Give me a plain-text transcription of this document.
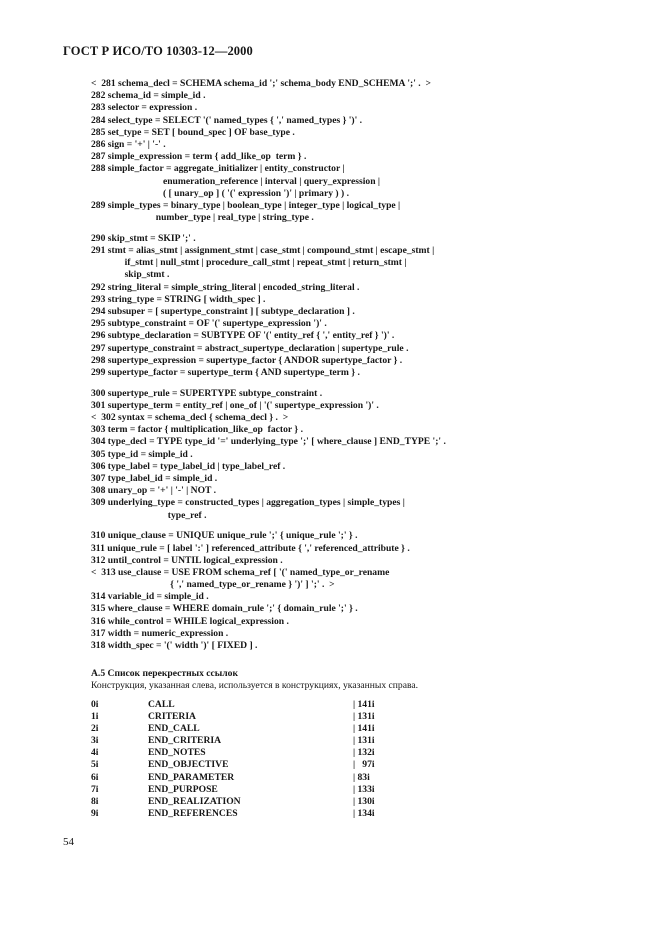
ГОСТ Р ИСО/ТО 10303-12—2000
<  281 schema_decl = SCHEMA schema_id ';' schema_body END_SCHEMA ';' .  >
282 schema_id = simple_id .
283 selector = expression .
284 select_type = SELECT '(' named_types { ',' named_types } ')' .
285 set_type = SET [ bound_spec ] OF base_type .
286 sign = '+' | '-' .
287 simple_expression = term { add_like_op  term } .
288 simple_factor = aggregate_initializer | entity_constructor |
enumeration_reference | interval | query_expression |
( [ unary_op ] ( '(' expression ')' | primary ) ) .
289 simple_types = binary_type | boolean_type | integer_type | logical_type |
number_type | real_type | string_type .
290 skip_stmt = SKIP ';' .
291 stmt = alias_stmt | assignment_stmt | case_stmt | compound_stmt | escape_stmt |
if_stmt | null_stmt | procedure_call_stmt | repeat_stmt | return_stmt |
skip_stmt .
292 string_literal = simple_string_literal | encoded_string_literal .
293 string_type = STRING [ width_spec ] .
294 subsuper = [ supertype_constraint ] [ subtype_declaration ] .
295 subtype_constraint = OF '(' supertype_expression ')' .
296 subtype_declaration = SUBTYPE OF '(' entity_ref { ',' entity_ref } ')' .
297 supertype_constraint = abstract_supertype_declaration | supertype_rule .
298 supertype_expression = supertype_factor { ANDOR supertype_factor } .
299 supertype_factor = supertype_term { AND supertype_term } .
300 supertype_rule = SUPERTYPE subtype_constraint .
301 supertype_term = entity_ref | one_of | '(' supertype_expression ')' .
<  302 syntax = schema_decl { schema_decl } .  >
303 term = factor { multiplication_like_op  factor } .
304 type_decl = TYPE type_id '=' underlying_type ';' [ where_clause ] END_TYPE ';' .
305 type_id = simple_id .
306 type_label = type_label_id | type_label_ref .
307 type_label_id = simple_id .
308 unary_op = '+' | '-' | NOT .
309 underlying_type = constructed_types | aggregation_types | simple_types |
type_ref .
310 unique_clause = UNIQUE unique_rule ';' { unique_rule ';' } .
311 unique_rule = [ label ':' ] referenced_attribute { ',' referenced_attribute } .
312 until_control = UNTIL logical_expression .
<  313 use_clause = USE FROM schema_ref [ '(' named_type_or_rename
{ ',' named_type_or_rename } ')' ] ';' .  >
314 variable_id = simple_id .
315 where_clause = WHERE domain_rule ';' { domain_rule ';' } .
316 while_control = WHILE logical_expression .
317 width = numeric_expression .
318 width_spec = '(' width ')' [ FIXED ] .
А.5 Список перекрестных ссылок
Конструкция, указанная слева, используется в конструкциях, указанных справа.
0i	CALL	| 141i
1i	CRITERIA	| 131i
2i	END_CALL	| 141i
3i	END_CRITERIA	| 131i
4i	END_NOTES	| 132i
5i	END_OBJECTIVE	|   97i
6i	END_PARAMETER	| 83i
7i	END_PURPOSE	| 133i
8i	END_REALIZATION	| 130i
9i	END_REFERENCES	| 134i
54
